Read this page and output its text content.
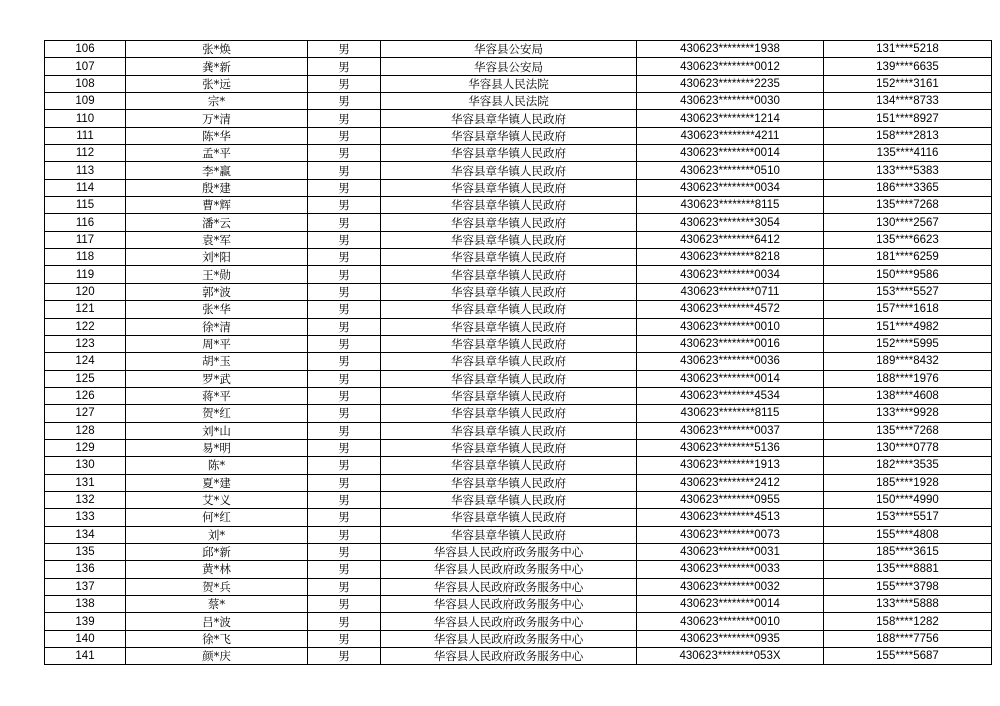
106	张*焕	男	华容县公安局	430623********1938	131****5218
107	龚*新	男	华容县公安局	430623********0012	139****6635
108	张*远	男	华容县人民法院	430623********2235	152****3161
109	宗*	男	华容县人民法院	430623********0030	134****8733
110	万*清	男	华容县章华镇人民政府	430623********1214	151****8927
111	陈*华	男	华容县章华镇人民政府	430623********4211	158****2813
112	孟*平	男	华容县章华镇人民政府	430623********0014	135****4116
113	李*赢	男	华容县章华镇人民政府	430623********0510	133****5383
114	殷*建	男	华容县章华镇人民政府	430623********0034	186****3365
115	曹*辉	男	华容县章华镇人民政府	430623********8115	135****7268
116	潘*云	男	华容县章华镇人民政府	430623********3054	130****2567
117	袁*军	男	华容县章华镇人民政府	430623********6412	135****6623
118	刘*阳	男	华容县章华镇人民政府	430623********8218	181****6259
119	王*勋	男	华容县章华镇人民政府	430623********0034	150****9586
120	郭*波	男	华容县章华镇人民政府	430623********0711	153****5527
121	张*华	男	华容县章华镇人民政府	430623********4572	157****1618
122	徐*清	男	华容县章华镇人民政府	430623********0010	151****4982
123	周*平	男	华容县章华镇人民政府	430623********0016	152****5995
124	胡*玉	男	华容县章华镇人民政府	430623********0036	189****8432
125	罗*武	男	华容县章华镇人民政府	430623********0014	188****1976
126	蒋*平	男	华容县章华镇人民政府	430623********4534	138****4608
127	贺*红	男	华容县章华镇人民政府	430623********8115	133****9928
128	刘*山	男	华容县章华镇人民政府	430623********0037	135****7268
129	易*明	男	华容县章华镇人民政府	430623********5136	130****0778
130	陈*	男	华容县章华镇人民政府	430623********1913	182****3535
131	夏*建	男	华容县章华镇人民政府	430623********2412	185****1928
132	艾*义	男	华容县章华镇人民政府	430623********0955	150****4990
133	何*红	男	华容县章华镇人民政府	430623********4513	153****5517
134	刘*	男	华容县章华镇人民政府	430623********0073	155****4808
135	邱*新	男	华容县人民政府政务服务中心	430623********0031	185****3615
136	黄*林	男	华容县人民政府政务服务中心	430623********0033	135****8881
137	贺*兵	男	华容县人民政府政务服务中心	430623********0032	155****3798
138	蔡*	男	华容县人民政府政务服务中心	430623********0014	133****5888
139	吕*波	男	华容县人民政府政务服务中心	430623********0010	158****1282
140	徐*飞	男	华容县人民政府政务服务中心	430623********0935	188****7756
141	颜*庆	男	华容县人民政府政务服务中心	430623********053X	155****5687
